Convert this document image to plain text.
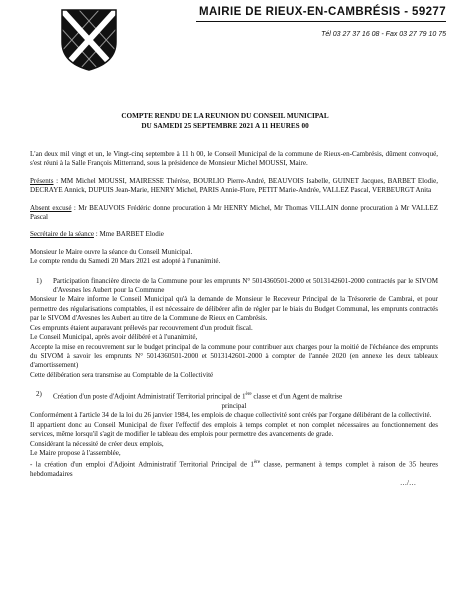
MAIRIE DE RIEUX-EN-CAMBRÉSIS - 59277
Tél 03 27 37 16 08 - Fax 03 27 79 10 75
COMPTE RENDU DE LA REUNION DU CONSEIL MUNICIPAL
DU SAMEDI 25 SEPTEMBRE 2021 A 11 HEURES 00

L'an deux mil vingt et un, le Vingt-cinq septembre à 11 h 00, le Conseil Municipal de la commune de Rieux-en-Cambrésis, dûment convoqué, s'est réuni à la Salle François Mitterrand, sous la présidence de Monsieur Michel MOUSSI, Maire.

Présents : MM Michel MOUSSI, MAIRESSE Thérèse, BOURLIO Pierre-André, BEAUVOIS Isabelle, GUINET Jacques, BARBET Elodie, DECRAYE Annick, DUPUIS Jean-Marie, HENRY Michel, PARIS Annie-Flore, PETIT Marie-Andrée, VALLEZ Pascal, VERBEURGT Anita

Absent excusé : Mr BEAUVOIS Frédéric donne procuration à Mr HENRY Michel, Mr Thomas VILLAIN donne procuration à Mr VALLEZ Pascal

Secrétaire de la séance : Mme BARBET Elodie

Monsieur le Maire ouvre la séance du Conseil Municipal.

Le compte rendu du Samedi 20 Mars 2021 est adopté à l'unanimité.

1) Participation financière directe de la Commune pour les emprunts N° 5014360501-2000 et 5013142601-2000 contractés par le SIVOM d'Avesnes les Aubert pour la Commune

Monsieur le Maire informe le Conseil Municipal qu'à la demande de Monsieur le Receveur Principal de la Trésorerie de Cambrai, et pour permettre des régularisations comptables, il est nécessaire de délibérer afin de régler par le biais du Budget Communal, les emprunts contractés par le SIVOM d'Avesnes les Aubert au titre de la Commune de Rieux en Cambrésis.

Ces emprunts étaient auparavant prélevés par recouvrement d'un produit fiscal.

Le Conseil Municipal, après avoir délibéré et à l'unanimité,

Accepte la mise en recouvrement sur le budget principal de la commune pour contribuer aux charges pour la moitié de l'échéance des emprunts du SIVOM à savoir les emprunts N° 5014360501-2000 et 5013142601-2000 à compter de l'année 2020 (en annexe les deux tableaux d'amortissement)

Cette délibération sera transmise au Comptable de la Collectivité

2) Création d'un poste d'Adjoint Administratif Territorial principal de 1ère classe et d'un Agent de maîtrise

principal

Conformément à l'article 34 de la loi du 26 janvier 1984, les emplois de chaque collectivité sont créés par l'organe délibérant de la collectivité.

Il appartient donc au Conseil Municipal de fixer l'effectif des emplois à temps complet et non complet nécessaires au fonctionnement des services, même lorsqu'il s'agit de modifier le tableau des emplois pour permettre des avancements de grade.

Considérant la nécessité de créer deux emplois,

Le Maire propose à l'assemblée,

- la création d'un emploi d'Adjoint Administratif Territorial Principal de 1ère classe, permanent à temps complet à raison de 35 heures hebdomadaires

…/…
